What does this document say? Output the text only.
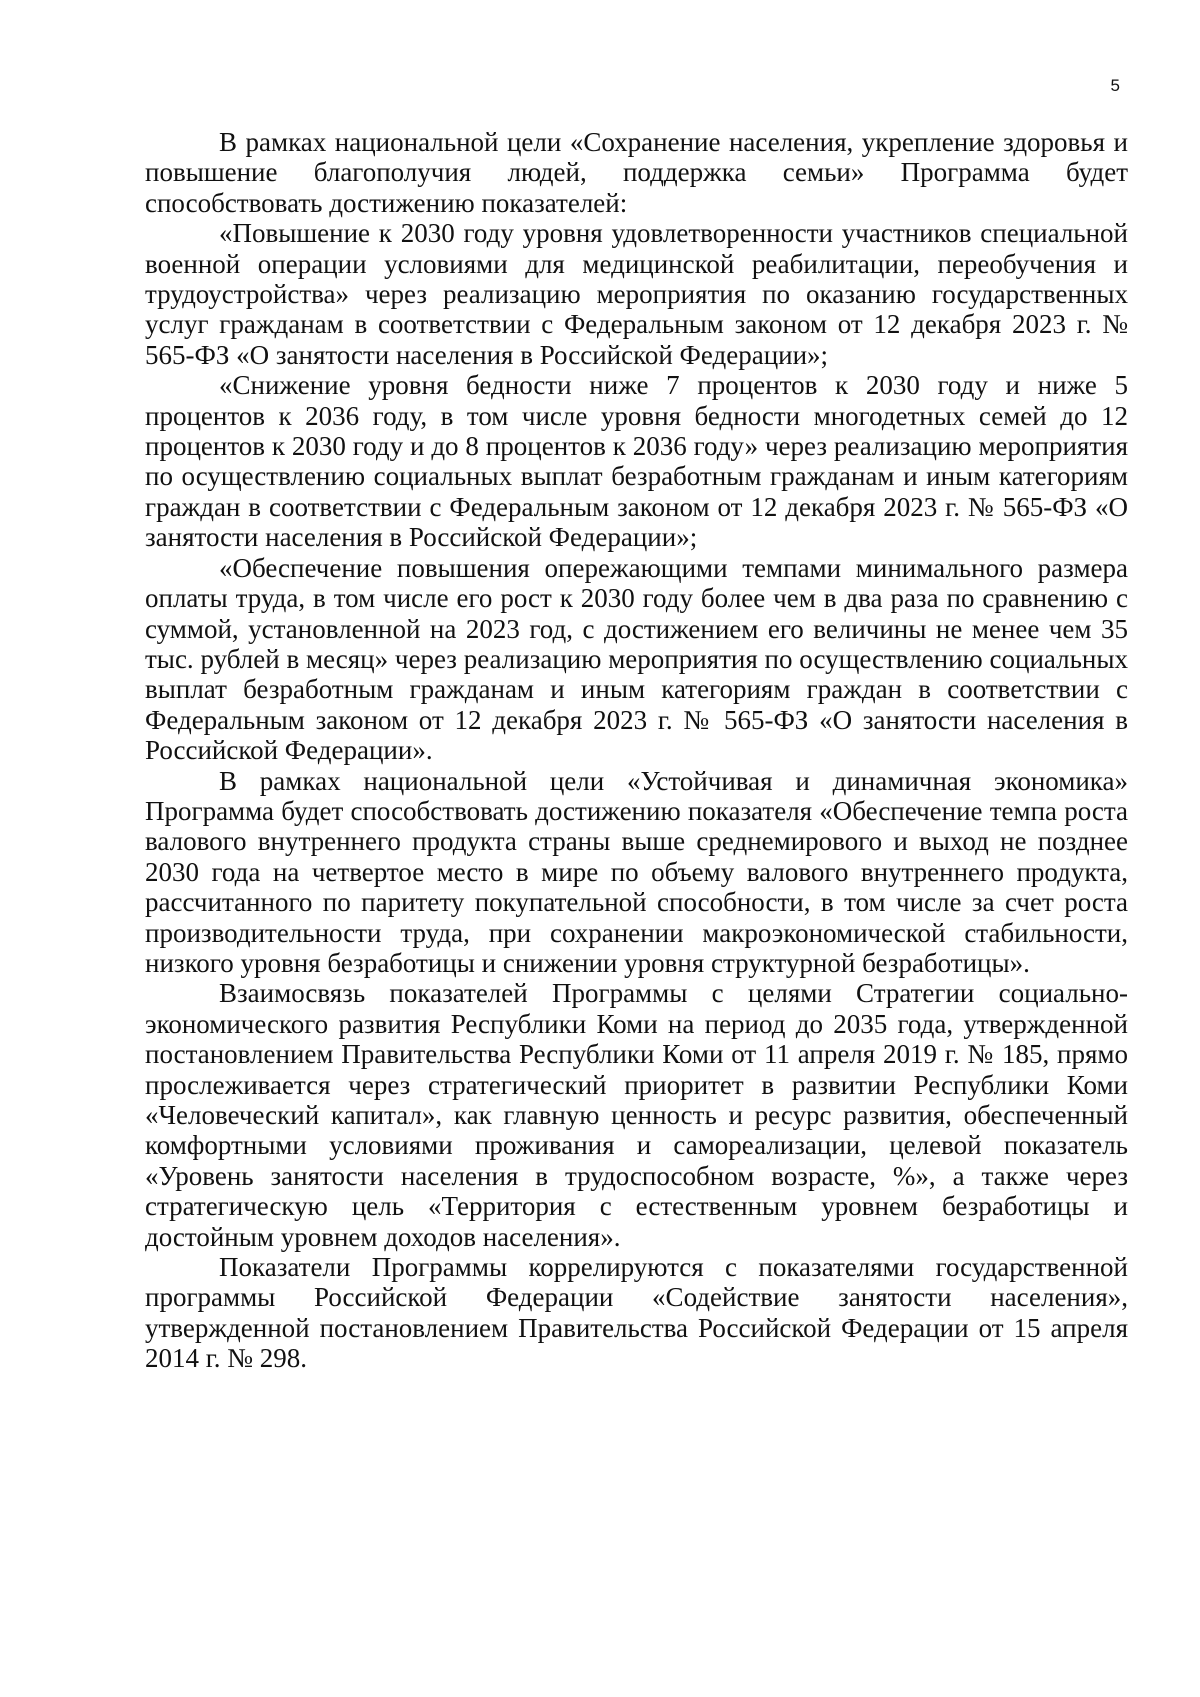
5

В рамках национальной цели «Сохранение населения, укрепление здоровья и повышение благополучия людей, поддержка семьи» Программа будет способствовать достижению показателей:

«Повышение к 2030 году уровня удовлетворенности участников специальной военной операции условиями для медицинской реабилитации, переобучения и трудоустройства» через реализацию мероприятия по оказанию государственных услуг гражданам в соответствии с Федеральным законом от 12 декабря 2023 г. № 565-ФЗ «О занятости населения в Российской Федерации»;

«Снижение уровня бедности ниже 7 процентов к 2030 году и ниже 5 процентов к 2036 году, в том числе уровня бедности многодетных семей до 12 процентов к 2030 году и до 8 процентов к 2036 году» через реализацию мероприятия по осуществлению социальных выплат безработным гражданам и иным категориям граждан в соответствии с Федеральным законом от 12 декабря 2023 г. № 565-ФЗ «О занятости населения в Российской Федерации»;

«Обеспечение повышения опережающими темпами минимального размера оплаты труда, в том числе его рост к 2030 году более чем в два раза по сравнению с суммой, установленной на 2023 год, с достижением его величины не менее чем 35 тыс. рублей в месяц» через реализацию мероприятия по осуществлению социальных выплат безработным гражданам и иным категориям граждан в соответствии с Федеральным законом от 12 декабря 2023 г. № 565-ФЗ «О занятости населения в Российской Федерации».

В рамках национальной цели «Устойчивая и динамичная экономика» Программа будет способствовать достижению показателя «Обеспечение темпа роста валового внутреннего продукта страны выше среднемирового и выход не позднее 2030 года на четвертое место в мире по объему валового внутреннего продукта, рассчитанного по паритету покупательной способности, в том числе за счет роста производительности труда, при сохранении макроэкономической стабильности, низкого уровня безработицы и снижении уровня структурной безработицы».

Взаимосвязь показателей Программы с целями Стратегии социально-экономического развития Республики Коми на период до 2035 года, утвержденной постановлением Правительства Республики Коми от 11 апреля 2019 г. № 185, прямо прослеживается через стратегический приоритет в развитии Республики Коми «Человеческий капитал», как главную ценность и ресурс развития, обеспеченный комфортными условиями проживания и самореализации, целевой показатель «Уровень занятости населения в трудоспособном возрасте, %», а также через стратегическую цель «Территория с естественным уровнем безработицы и достойным уровнем доходов населения».

Показатели Программы коррелируются с показателями государственной программы Российской Федерации «Содействие занятости населения», утвержденной постановлением Правительства Российской Федерации от 15 апреля 2014 г. № 298.
